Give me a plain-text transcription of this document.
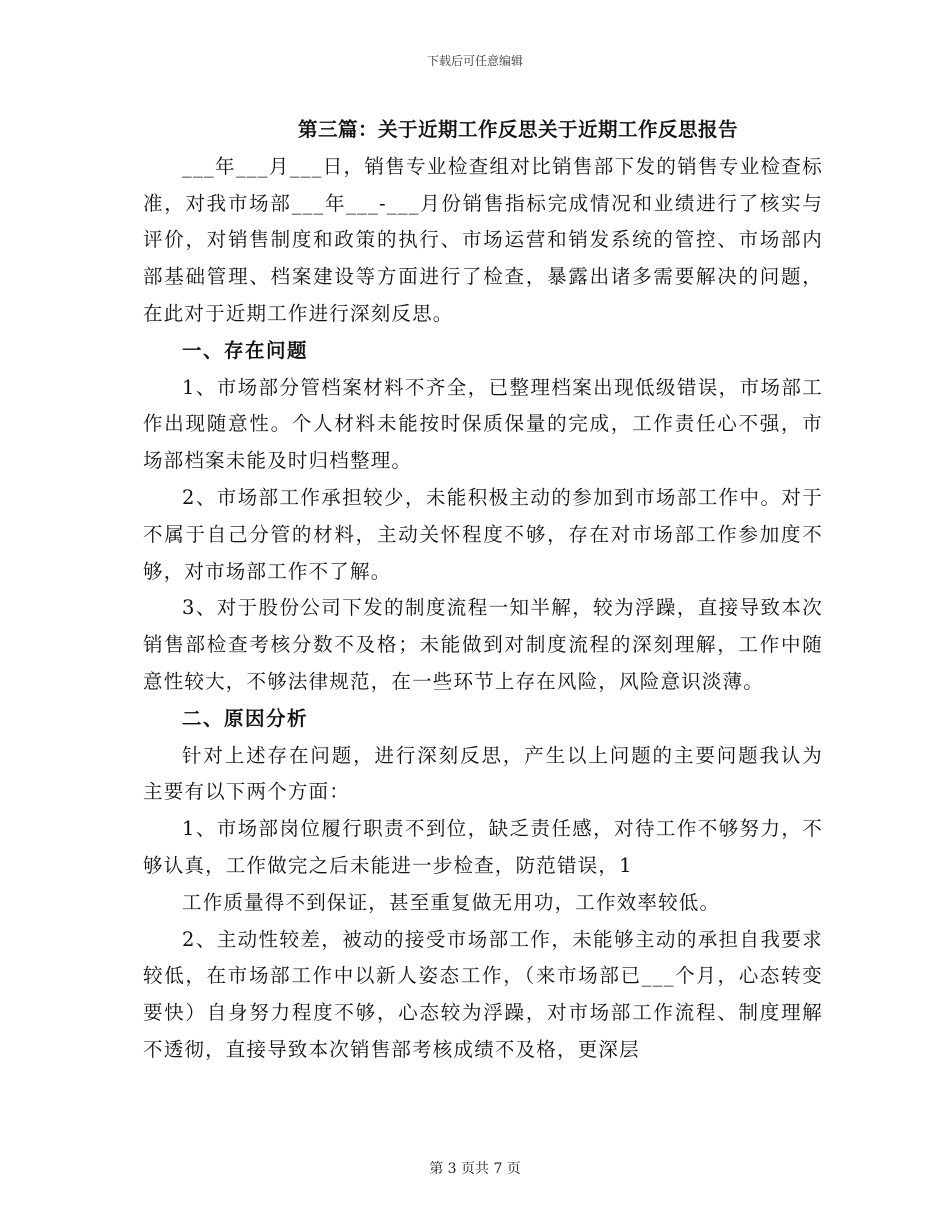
下载后可任意编辑

第三篇：关于近期工作反思关于近期工作反思报告

___年___月___日，销售专业检查组对比销售部下发的销售专业检查标准，对我市场部___年___-___月份销售指标完成情况和业绩进行了核实与评价，对销售制度和政策的执行、市场运营和销发系统的管控、市场部内部基础管理、档案建设等方面进行了检查，暴露出诸多需要解决的问题，在此对于近期工作进行深刻反思。

一、存在问题

1、市场部分管档案材料不齐全，已整理档案出现低级错误，市场部工作出现随意性。个人材料未能按时保质保量的完成，工作责任心不强，市场部档案未能及时归档整理。

2、市场部工作承担较少，未能积极主动的参加到市场部工作中。对于不属于自己分管的材料，主动关怀程度不够，存在对市场部工作参加度不够，对市场部工作不了解。

3、对于股份公司下发的制度流程一知半解，较为浮躁，直接导致本次销售部检查考核分数不及格；未能做到对制度流程的深刻理解，工作中随意性较大，不够法律规范，在一些环节上存在风险，风险意识淡薄。

二、原因分析

针对上述存在问题，进行深刻反思，产生以上问题的主要问题我认为主要有以下两个方面：

1、市场部岗位履行职责不到位，缺乏责任感，对待工作不够努力，不够认真，工作做完之后未能进一步检查，防范错误，1

工作质量得不到保证，甚至重复做无用功，工作效率较低。

2、主动性较差，被动的接受市场部工作，未能够主动的承担自我要求较低，在市场部工作中以新人姿态工作，（来市场部已___个月，心态转变要快）自身努力程度不够，心态较为浮躁，对市场部工作流程、制度理解不透彻，直接导致本次销售部考核成绩不及格，更深层

第 3 页共 7 页
